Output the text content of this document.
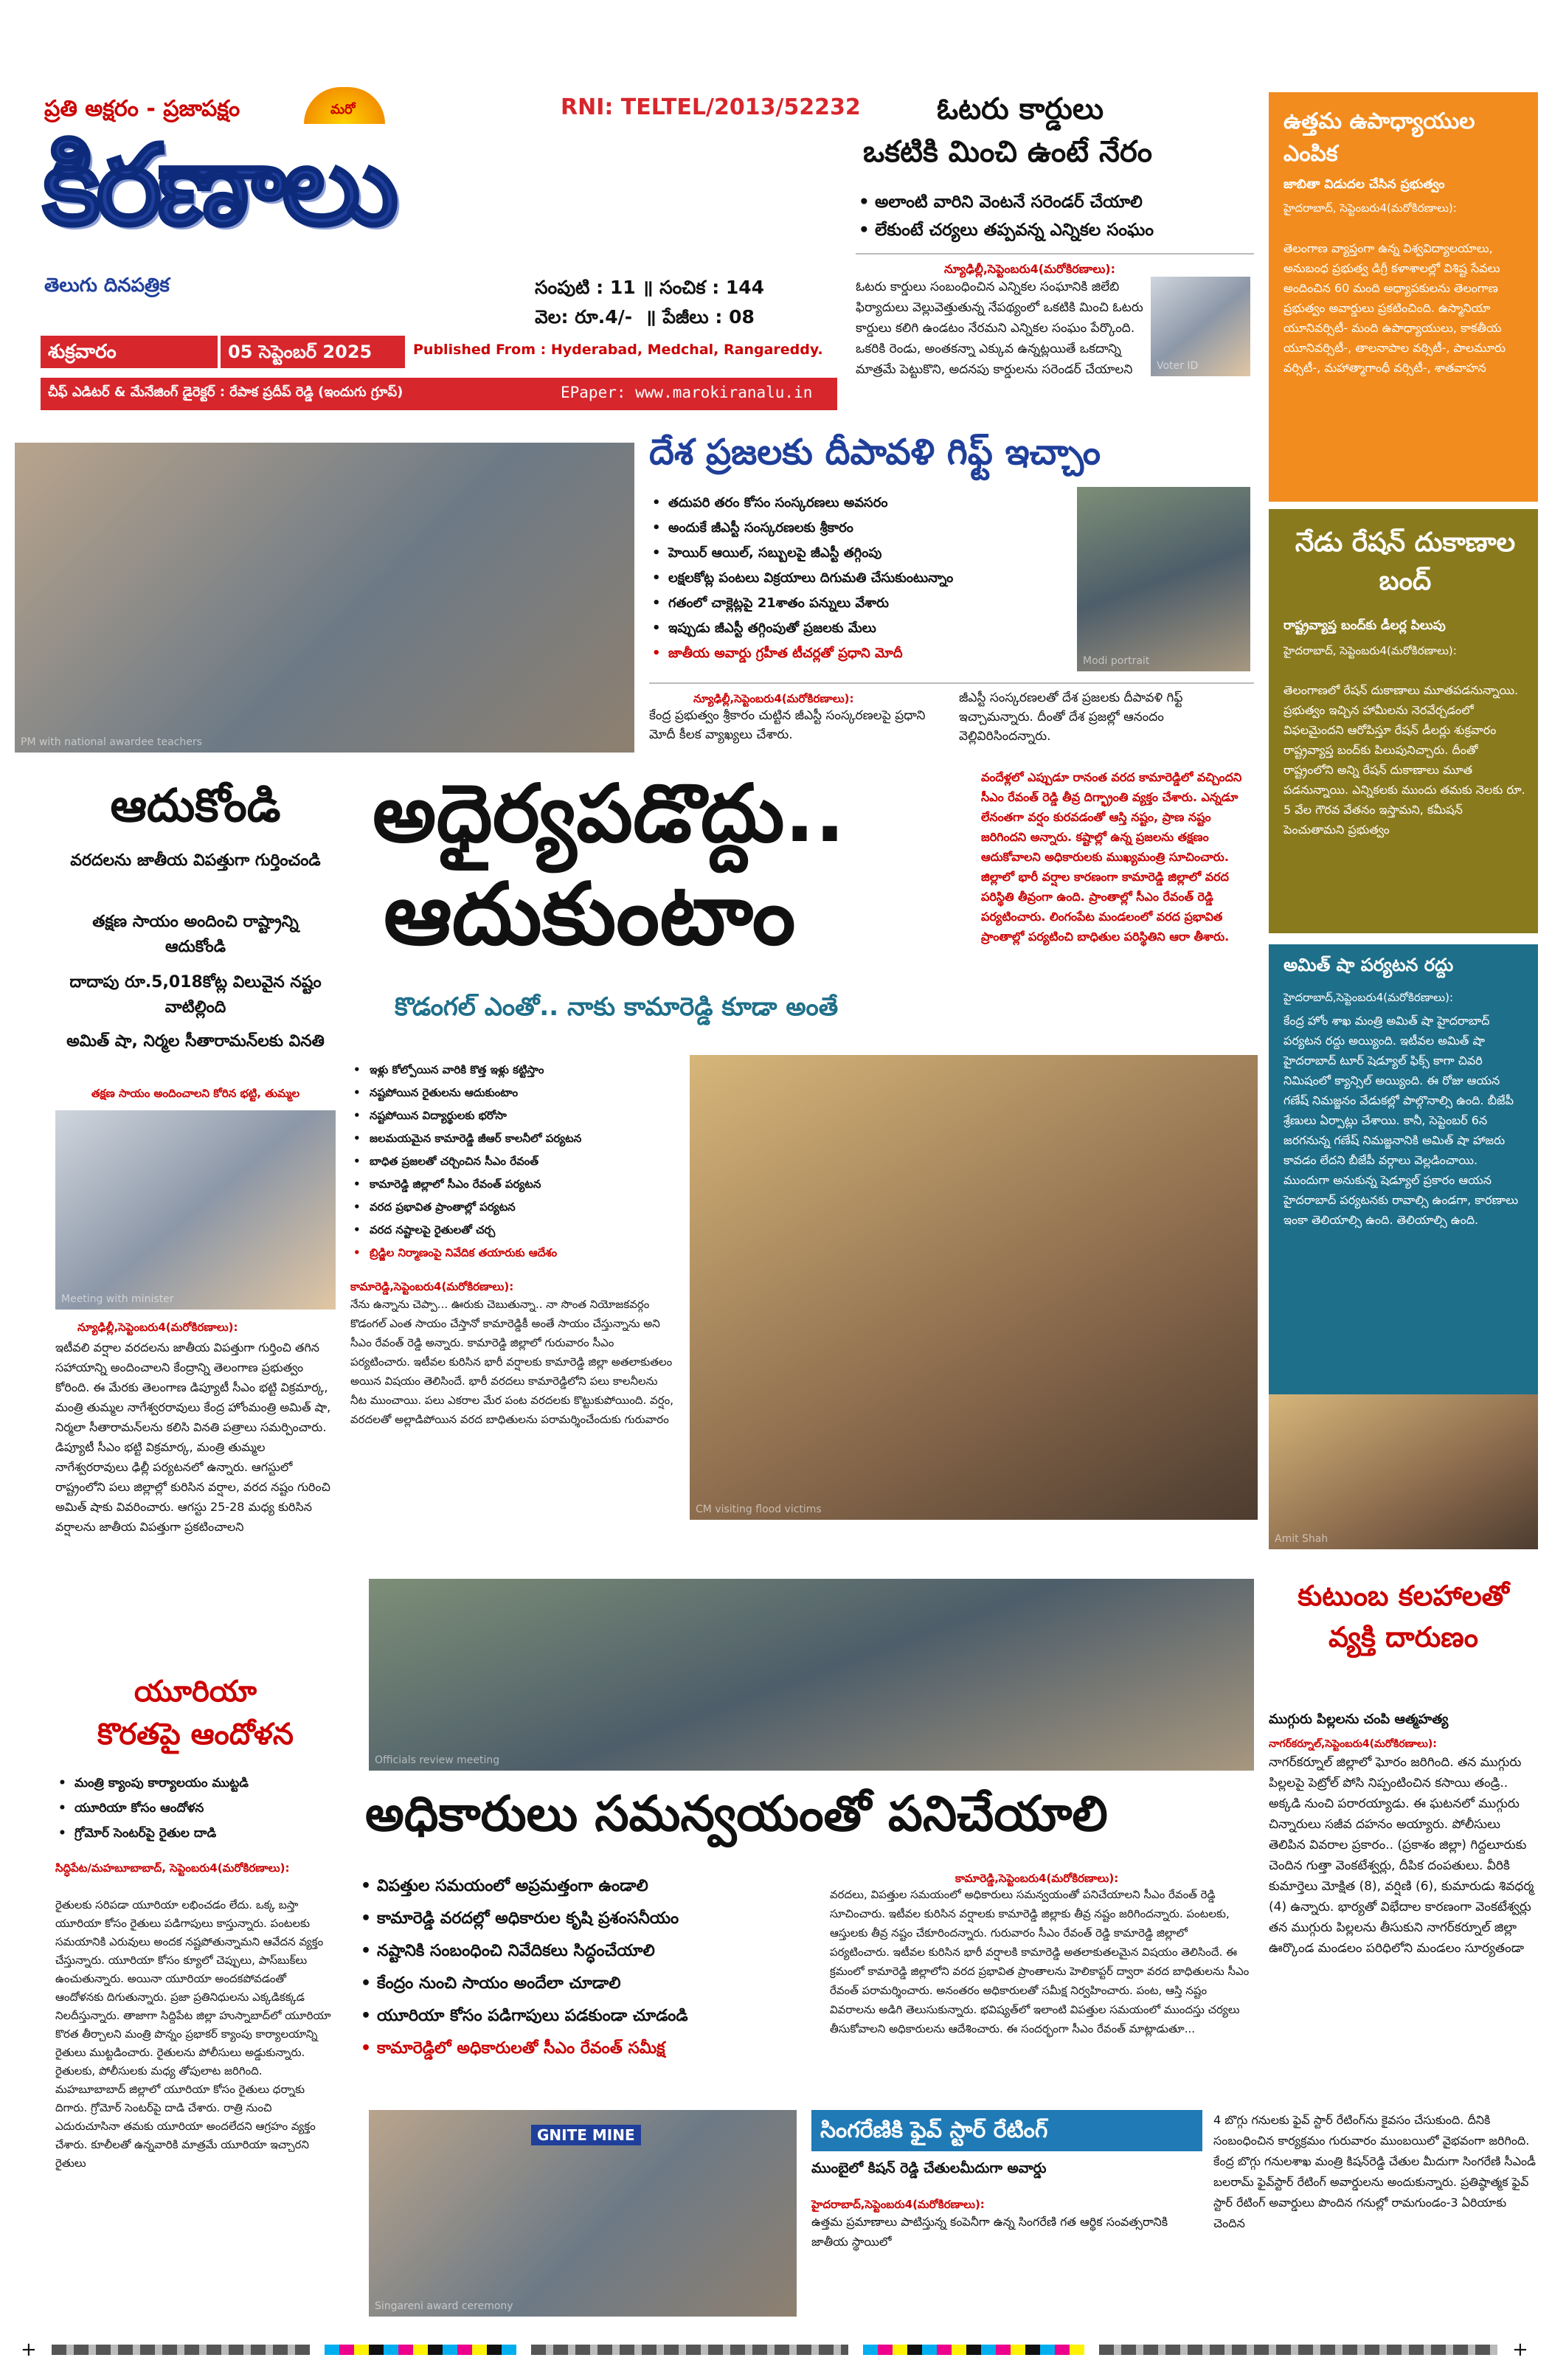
ప్రతి అక్షరం - ప్రజాపక్షం	మరో
కిరణాలు
తెలుగు దినపత్రిక
RNI: TELTEL/2013/52232
సంపుటి : 11 ॥ సంచిక : 144
వెల: రూ.4/-  ॥ పేజీలు : 08
శుక్రవారం	05 సెప్టెంబర్ 2025	Published From : Hyderabad, Medchal, Rangareddy.
చీఫ్ ఎడిటర్ & మేనేజింగ్ డైరెక్టర్ : రేపాక ప్రదీప్ రెడ్డి (ఇందుగు గ్రూప్)	EPaper: www.marokiranalu.in
ఓటరు కార్డులు
ఒకటికి మించి ఉంటే నేరం
• అలాంటి వారిని వెంటనే సరెండర్ చేయాలి
• లేకుంటే చర్యలు తప్పవన్న ఎన్నికల సంఘం
న్యూఢిల్లీ,సెప్టెంబరు4(మరోకిరణాలు):
ఓటరు కార్డులు సంబంధించిన ఎన్నికల సంఘానికి జిలేబి ఫిర్యాదులు వెల్లువెత్తుతున్న నేపథ్యంలో ఒకటికి మించి ఓటరు కార్డులు కలిగి ఉండటం నేరమని ఎన్నికల సంఘం పేర్కొంది. ఒకరికి రెండు, అంతకన్నా ఎక్కువ ఉన్నట్లయితే ఒకదాన్ని మాత్రమే పెట్టుకొని, అదనపు కార్డులను సరెండర్ చేయాలని	Voter ID
PM with national awardee teachers
దేశ ప్రజలకు దీపావళి గిఫ్ట్ ఇచ్చాం
• తదుపరి తరం కోసం సంస్కరణలు అవసరం
• అందుకే జీఎస్టీ సంస్కరణలకు శ్రీకారం
• హెయిర్ ఆయిల్, సబ్బులపై జీఎస్టీ తగ్గింపు
• లక్షలకోట్ల పంటలు విక్రయాలు దిగుమతి చేసుకుంటున్నాం
• గతంలో చాక్లెట్లపై 21శాతం పన్నులు వేశారు
• ఇప్పుడు జీఎస్టీ తగ్గింపుతో ప్రజలకు మేలు
• జాతీయ అవార్డు గ్రహీత టీచర్లతో ప్రధాని మోదీ	Modi portrait
న్యూఢిల్లీ,సెప్టెంబరు4(మరోకిరణాలు):
కేంద్ర ప్రభుత్వం శ్రీకారం చుట్టిన జీఎస్టీ సంస్కరణలపై ప్రధాని మోదీ కీలక వ్యాఖ్యలు చేశారు.
జీఎస్టీ సంస్కరణలతో దేశ ప్రజలకు దీపావళి గిఫ్ట్ ఇచ్చామన్నారు. దీంతో దేశ ప్రజల్లో ఆనందం వెల్లివిరిసిందన్నారు.
ఉత్తమ ఉపాధ్యాయుల ఎంపిక
జాబితా విడుదల చేసిన ప్రభుత్వం
హైదరాబాద్, సెప్టెంబరు4(మరోకిరణాలు):
తెలంగాణ వ్యాప్తంగా ఉన్న విశ్వవిద్యాలయాలు, అనుబంధ ప్రభుత్వ డిగ్రీ కళాశాలల్లో విశిష్ట సేవలు అందించిన 60 మంది అధ్యాపకులను తెలంగాణ ప్రభుత్వం అవార్డులు ప్రకటించింది. ఉస్మానియా యూనివర్సిటీ- మంది ఉపాధ్యాయులు, కాకతీయ యూనివర్సిటీ-, తాలనాపాల వర్సిటీ-, పాలమూరు వర్సిటీ-, మహాత్మాగాంధీ వర్సిటీ-, శాతవాహన
నేడు రేషన్ దుకాణాల బంద్
రాష్ట్రవ్యాప్త బంద్‌కు డీలర్ల పిలుపు
హైదరాబాద్, సెప్టెంబరు4(మరోకిరణాలు):
తెలంగాణలో రేషన్ దుకాణాలు మూతపడనున్నాయి. ప్రభుత్వం ఇచ్చిన హామీలను నెరవేర్చడంలో విఫలమైందని ఆరోపిస్తూ రేషన్ డీలర్లు శుక్రవారం రాష్ట్రవ్యాప్త బంద్‌కు పిలుపునిచ్చారు. దీంతో రాష్ట్రంలోని అన్ని రేషన్ దుకాణాలు మూత పడనున్నాయి. ఎన్నికలకు ముందు తమకు నెలకు రూ. 5 వేల గౌరవ వేతనం ఇస్తామని, కమీషన్ పెంచుతామని ప్రభుత్వం
అమిత్ షా పర్యటన రద్దు
హైదరాబాద్,సెప్టెంబరు4(మరోకిరణాలు):
కేంద్ర హోం శాఖ మంత్రి అమిత్ షా హైదరాబాద్ పర్యటన రద్దు అయ్యింది. ఇటీవల అమిత్ షా హైదరాబాద్ టూర్ షెడ్యూల్ ఫిక్స్ కాగా చివరి నిమిషంలో క్యాన్సిల్ అయ్యింది. ఈ రోజు ఆయన గణేష్ నిమజ్జనం వేడుకల్లో పాల్గొనాల్సి ఉంది. బీజేపీ శ్రేణులు ఏర్పాట్లు చేశాయి. కానీ, సెప్టెంబర్ 6న జరగనున్న గణేష్ నిమజ్జనానికి అమిత్ షా హాజరు కావడం లేదని బీజేపీ వర్గాలు వెల్లడించాయి. ముందుగా అనుకున్న షెడ్యూల్ ప్రకారం ఆయన హైదరాబాద్ పర్యటనకు రావాల్సి ఉండగా, కారణాలు ఇంకా తెలియాల్సి ఉంది. తెలియాల్సి ఉంది.
Amit Shah
కుటుంబ కలహాలతో వ్యక్తి దారుణం
ముగ్గురు పిల్లలను చంపి ఆత్మహత్య
నాగర్‌కర్నూల్,సెప్టెంబరు4(మరోకిరణాలు):
నాగర్‌కర్నూల్ జిల్లాలో ఘోరం జరిగింది. తన ముగ్గురు పిల్లలపై పెట్రోల్ పోసి నిప్పంటించిన కసాయి తండ్రి.. అక్కడి నుంచి పరారయ్యాడు. ఈ ఘటనలో ముగ్గురు చిన్నారులు సజీవ దహనం అయ్యారు. పోలీసులు తెలిపిన వివరాల ప్రకారం.. (ప్రకాశం జిల్లా) గిద్దలూరుకు చెందిన గుత్తా వెంకటేశ్వర్లు, దీపిక దంపతులు. వీరికి కుమార్తెలు మోక్షిత (8), వర్షిణి (6), కుమారుడు శివధర్మ (4) ఉన్నారు. భార్యతో విభేదాల కారణంగా వెంకటేశ్వర్లు తన ముగ్గురు పిల్లలను తీసుకుని నాగర్‌కర్నూల్ జిల్లా ఊర్కొండ మండలం పరిధిలోని మండలం సూర్యతండా
ఆదుకోండి
వరదలను జాతీయ విపత్తుగా గుర్తించండి
తక్షణ సాయం అందించి రాష్ట్రాన్ని ఆదుకోండి
దాదాపు రూ.5,018కోట్ల విలువైన నష్టం వాటిల్లింది
అమిత్ షా, నిర్మల సీతారామన్‌లకు వినతి
తక్షణ సాయం అందించాలని కోరిన భట్టి, తుమ్మల
Meeting with minister
న్యూఢిల్లీ,సెప్టెంబరు4(మరోకిరణాలు):
ఇటీవలి వర్షాల వరదలను జాతీయ విపత్తుగా గుర్తించి తగిన సహాయాన్ని అందించాలని కేంద్రాన్ని తెలంగాణ ప్రభుత్వం కోరింది. ఈ మేరకు తెలంగాణ డిప్యూటీ సీఎం భట్టి విక్రమార్క, మంత్రి తుమ్మల నాగేశ్వరరావులు కేంద్ర హోంమంత్రి అమిత్ షా, నిర్మలా సీతారామన్‌లను కలిసి వినతి పత్రాలు సమర్పించారు. డిప్యూటీ సీఎం భట్టి విక్రమార్క, మంత్రి తుమ్మల నాగేశ్వరరావులు ఢిల్లీ పర్యటనలో ఉన్నారు. ఆగస్టులో రాష్ట్రంలోని పలు జిల్లాల్లో కురిసిన వర్షాల, వరద నష్టం గురించి అమిత్ షాకు వివరించారు. ఆగస్టు 25-28 మధ్య కురిసిన వర్షాలను జాతీయ విపత్తుగా ప్రకటించాలని
యూరియా
కొరతపై ఆందోళన
• మంత్రి క్యాంపు కార్యాలయం ముట్టడి
• యూరియా కోసం ఆందోళన
• గ్రోమోర్ సెంటర్‌పై రైతుల దాడి
సిద్ధిపేట/మహబూబాబాద్, సెప్టెంబరు4(మరోకిరణాలు):
రైతులకు సరిపడా యూరియా లభించడం లేదు. ఒక్క బస్తా యూరియా కోసం రైతులు పడిగాపులు కాస్తున్నారు. పంటలకు సమయానికి ఎరువులు అందక నష్టపోతున్నామని ఆవేదన వ్యక్తం చేస్తున్నారు. యూరియా కోసం క్యూలో చెప్పులు, పాస్‌బుక్‌లు ఉంచుతున్నారు. అయినా యూరియా అందకపోవడంతో ఆందోళనకు దిగుతున్నారు. ప్రజా ప్రతినిధులను ఎక్కడికక్కడ నిలదీస్తున్నారు. తాజాగా సిద్దిపేట జిల్లా హుస్నాబాద్‌లో యూరియా కొరత తీర్చాలని మంత్రి పొన్నం ప్రభాకర్ క్యాంపు కార్యాలయాన్ని రైతులు ముట్టడించారు. రైతులను పోలీసులు అడ్డుకున్నారు. రైతులకు, పోలీసులకు మధ్య తోపులాట జరిగింది. మహబూబాబాద్ జిల్లాలో యూరియా కోసం రైతులు ధర్నాకు దిగారు. గ్రోమోర్ సెంటర్‌పై దాడి చేశారు. రాత్రి నుంచి ఎదురుచూసినా తమకు యూరియా అందలేదని ఆగ్రహం వ్యక్తం చేశారు. కూలీలతో ఉన్నవారికి మాత్రమే యూరియా ఇచ్చారని రైతులు
అధైర్యపడొద్దు..
ఆదుకుంటాం
కొడంగల్ ఎంతో.. నాకు కామారెడ్డి కూడా అంతే
వందేళ్లలో ఎప్పుడూ రానంత వరద కామారెడ్డిలో వచ్చిందని సీఎం రేవంత్ రెడ్డి తీవ్ర దిగ్భ్రాంతి వ్యక్తం చేశారు. ఎన్నడూ లేనంతగా వర్షం కురవడంతో ఆస్తి నష్టం, ప్రాణ నష్టం జరిగిందని అన్నారు. కష్టాల్లో ఉన్న ప్రజలను తక్షణం ఆదుకోవాలని అధికారులకు ముఖ్యమంత్రి సూచించారు. జిల్లాలో భారీ వర్షాల కారణంగా కామారెడ్డి జిల్లాలో వరద పరిస్థితి తీవ్రంగా ఉంది. ప్రాంతాల్లో సీఎం రేవంత్ రెడ్డి పర్యటించారు. లింగంపేట మండలంలో వరద ప్రభావిత ప్రాంతాల్లో పర్యటించి బాధితుల పరిస్థితిని ఆరా తీశారు.
• ఇళ్లు కోల్పోయిన వారికి కొత్త ఇళ్లు కట్టిస్తాం
• నష్టపోయిన రైతులను ఆదుకుంటాం
• నష్టపోయిన విద్యార్థులకు భరోసా
• జలమయమైన కామారెడ్డి జీఆర్ కాలనీలో పర్యటన
• బాధిత ప్రజలతో చర్చించిన సీఎం రేవంత్
• కామారెడ్డి జిల్లాలో సీఎం రేవంత్ పర్యటన
• వరద ప్రభావిత ప్రాంతాల్లో పర్యటన
• వరద నష్టాలపై రైతులతో చర్చ
• బ్రిడ్జిల నిర్మాణంపై నివేదిక తయారుకు ఆదేశం
కామారెడ్డి,సెప్టెంబరు4(మరోకిరణాలు):
నేను ఉన్నాను చెప్పా... ఊరుకు చెబుతున్నా.. నా సొంత నియోజకవర్గం కొడంగల్ ఎంత సాయం చేస్తానో కామారెడ్డికీ అంతే సాయం చేస్తున్నాను అని సీఎం రేవంత్ రెడ్డి అన్నారు. కామారెడ్డి జిల్లాలో గురువారం సీఎం పర్యటించారు. ఇటీవల కురిసిన భారీ వర్షాలకు కామారెడ్డి జిల్లా అతలాకుతలం అయిన విషయం తెలిసిందే. భారీ వరదలు కామారెడ్డిలోని పలు కాలనీలను నీట ముంచాయి. పలు ఎకరాల మేర పంట వరదలకు కొట్టుకుపోయింది. వర్షం, వరదలతో అల్లాడిపోయిన వరద బాధితులను పరామర్శించేందుకు గురువారం
CM visiting flood victims
Officials review meeting
అధికారులు సమన్వయంతో పనిచేయాలి
• విపత్తుల సమయంలో అప్రమత్తంగా ఉండాలి
• కామారెడ్డి వరదల్లో అధికారుల కృషి ప్రశంసనీయం
• నష్టానికి సంబంధించి నివేదికలు సిద్ధంచేయాలి
• కేంద్రం నుంచి సాయం అందేలా చూడాలి
• యూరియా కోసం పడిగాపులు పడకుండా చూడండి
• కామారెడ్డిలో అధికారులతో సీఎం రేవంత్ సమీక్ష
కామారెడ్డి,సెప్టెంబరు4(మరోకిరణాలు):
వరదలు, విపత్తుల సమయంలో అధికారులు సమన్వయంతో పనిచేయాలని సీఎం రేవంత్ రెడ్డి సూచించారు. ఇటీవల కురిసిన వర్షాలకు కామారెడ్డి జిల్లాకు తీవ్ర నష్టం జరిగిందన్నారు. పంటలకు, ఆస్తులకు తీవ్ర నష్టం చేకూరిందన్నారు. గురువారం సీఎం రేవంత్ రెడ్డి కామారెడ్డి జిల్లాలో పర్యటించారు. ఇటీవల కురిసిన భారీ వర్షాలకి కామారెడ్డి అతలాకుతలమైన విషయం తెలిసిందే. ఈ క్రమంలో కామారెడ్డి జిల్లాలోని వరద ప్రభావిత ప్రాంతాలను హెలికాప్టర్ ద్వారా వరద బాధితులను సీఎం రేవంత్ పరామర్శించారు. అనంతరం అధికారులతో సమీక్ష నిర్వహించారు. పంట, ఆస్తి నష్టం వివరాలను అడిగి తెలుసుకున్నారు. భవిష్యత్‌లో ఇలాంటి విపత్తుల సమయంలో ముందస్తు చర్యలు తీసుకోవాలని అధికారులను ఆదేశించారు. ఈ సందర్భంగా సీఎం రేవంత్ మాట్లాడుతూ...
GNITE MINE
Singareni award ceremony
సింగరేణికి ఫైవ్ స్టార్ రేటింగ్
ముంబైలో కిషన్ రెడ్డి చేతులమీదుగా అవార్డు
హైదరాబాద్,సెప్టెంబరు4(మరోకిరణాలు):
ఉత్తమ ప్రమాణాలు పాటిస్తున్న కంపెనీగా ఉన్న సింగరేణి గత ఆర్థిక సంవత్సరానికి జాతీయ స్థాయిలో
4 బొగ్గు గనులకు ఫైవ్ స్టార్ రేటింగ్‌ను కైవసం చేసుకుంది. దీనికి సంబంధించిన కార్యక్రమం గురువారం ముంబయిలో వైభవంగా జరిగింది. కేంద్ర బొగ్గు గనులశాఖ మంత్రి కిషన్‌రెడ్డి చేతుల మీదుగా సింగరేణి సీఎండీ బలరామ్ ఫైవ్‌స్టార్ రేటింగ్ అవార్డులను అందుకున్నారు. ప్రతిష్ఠాత్మక ఫైవ్ స్టార్ రేటింగ్ అవార్డులు పొందిన గనుల్లో రామగుండం-3 ఏరియాకు చెందిన
+	+
